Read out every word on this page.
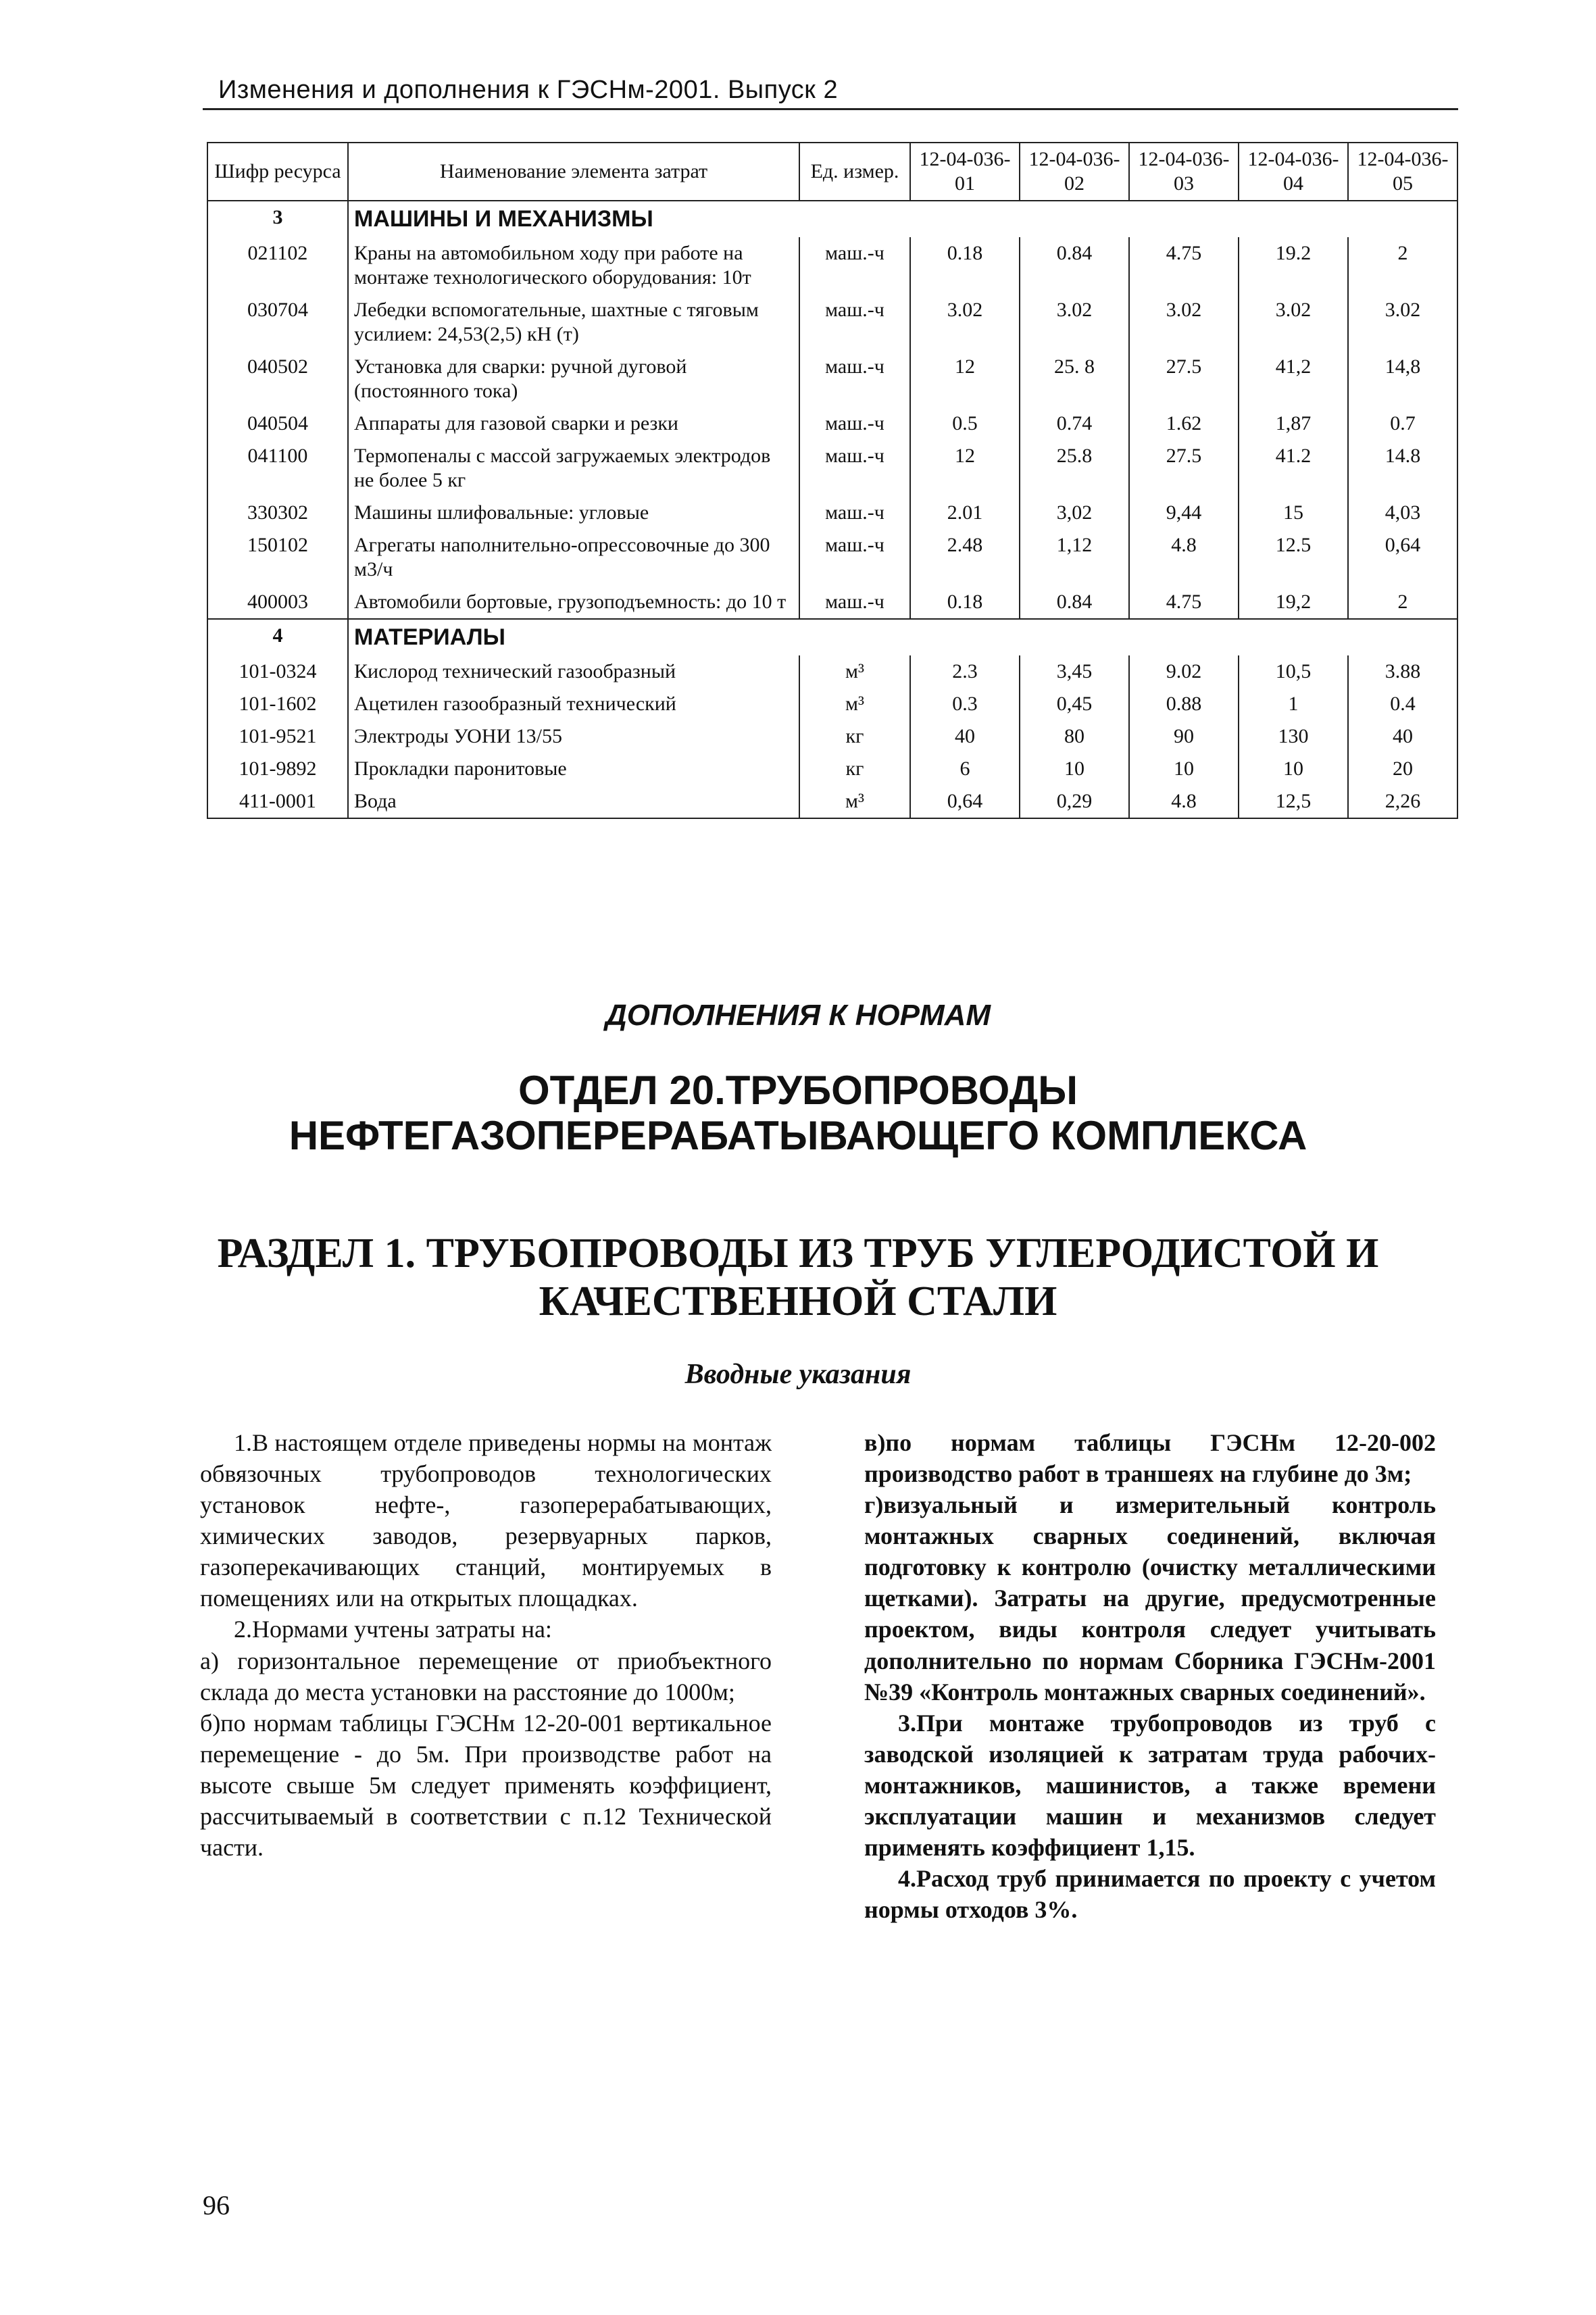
Изменения и дополнения к ГЭСНм-2001. Выпуск 2
Шифр ресурса	Наименование элемента затрат	Ед. измер.	12-04-036-01	12-04-036-02	12-04-036-03	12-04-036-04	12-04-036-05
3	МАШИНЫ И МЕХАНИЗМЫ						
021102	Краны на автомобильном ходу при работе на монтаже технологического оборудования: 10т	маш.-ч	0.18	0.84	4.75	19.2	2
030704	Лебедки вспомогательные, шахтные с тяговым усилием: 24,53(2,5) кН (т)	маш.-ч	3.02	3.02	3.02	3.02	3.02
040502	Установка для сварки: ручной дуговой (постоянного тока)	маш.-ч	12	25. 8	27.5	41,2	14,8
040504	Аппараты для газовой сварки и резки	маш.-ч	0.5	0.74	1.62	1,87	0.7
041100	Термопеналы с массой загружаемых электродов не более 5 кг	маш.-ч	12	25.8	27.5	41.2	14.8
330302	Машины шлифовальные: угловые	маш.-ч	2.01	3,02	9,44	15	4,03
150102	Агрегаты наполнительно-опрессовочные до 300 м3/ч	маш.-ч	2.48	1,12	4.8	12.5	0,64
400003	Автомобили бортовые, грузоподъемность: до 10 т	маш.-ч	0.18	0.84	4.75	19,2	2
4	МАТЕРИАЛЫ						
101-0324	Кислород технический газообразный	м³	2.3	3,45	9.02	10,5	3.88
101-1602	Ацетилен газообразный технический	м³	0.3	0,45	0.88	1	0.4
101-9521	Электроды УОНИ 13/55	кг	40	80	90	130	40
101-9892	Прокладки паронитовые	кг	6	10	10	10	20
411-0001	Вода	м³	0,64	0,29	4.8	12,5	2,26
ДОПОЛНЕНИЯ К НОРМАМ
ОТДЕЛ 20.ТРУБОПРОВОДЫ
НЕФТЕГАЗОПЕРЕРАБАТЫВАЮЩЕГО КОМПЛЕКСА
РАЗДЕЛ 1. ТРУБОПРОВОДЫ ИЗ ТРУБ УГЛЕРОДИСТОЙ И
КАЧЕСТВЕННОЙ СТАЛИ
Вводные указания

1.В настоящем отделе приведены нормы на монтаж обвязочных трубопроводов технологических установок нефте-, газоперерабатывающих, химических заводов, резервуарных парков, газоперекачивающих станций, монтируемых в помещениях или на открытых площадках.

2.Нормами учтены затраты на:

а) горизонтальное перемещение от приобъектного склада до места установки на расстояние до 1000м;

б)по нормам таблицы ГЭСНм 12-20-001 вертикальное перемещение - до 5м. При производстве работ на высоте свыше 5м следует применять коэффициент, рассчитываемый в соответствии с п.12 Технической части.

в)по нормам таблицы ГЭСНм 12-20-002 производство работ в траншеях на глубине до 3м;

г)визуальный и измерительный контроль монтажных сварных соединений, включая подготовку к контролю (очистку металлическими щетками). Затраты на другие, предусмотренные проектом, виды контроля следует учитывать дополнительно по нормам Сборника ГЭСНм-2001 №39 «Контроль монтажных сварных соединений».

3.При монтаже трубопроводов из труб с заводской изоляцией к затратам труда рабочих-монтажников, машинистов, а также времени эксплуатации машин и механизмов следует применять коэффициент 1,15.

4.Расход труб принимается по проекту с учетом нормы отходов 3%.

96
